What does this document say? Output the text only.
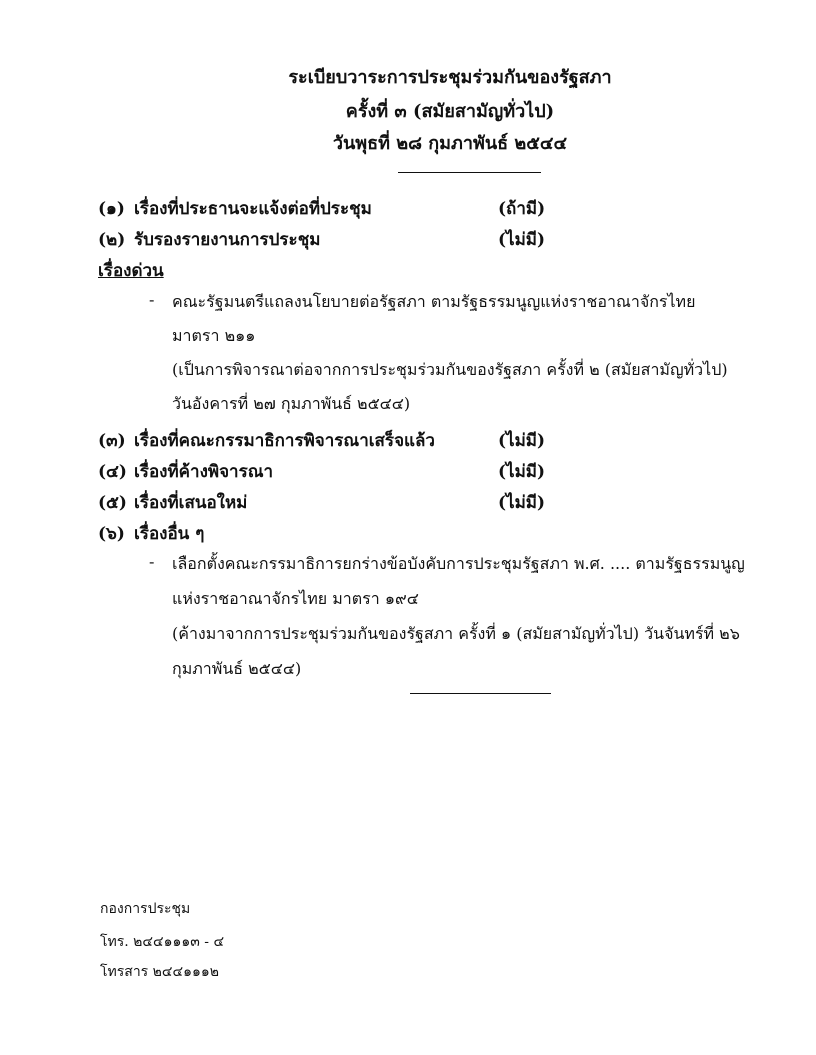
ระเบียบวาระการประชุมร่วมกันของรัฐสภา
ครั้งที่ ๓ (สมัยสามัญทั่วไป)
วันพุธที่ ๒๘ กุมภาพันธ์ ๒๕๔๔
(๑) เรื่องที่ประธานจะแจ้งต่อที่ประชุม	(ถ้ามี)
(๒) รับรองรายงานการประชุม	(ไม่มี)
เรื่องด่วน
- คณะรัฐมนตรีแถลงนโยบายต่อรัฐสภา ตามรัฐธรรมนูญแห่งราชอาณาจักรไทย
มาตรา ๒๑๑
(เป็นการพิจารณาต่อจากการประชุมร่วมกันของรัฐสภา ครั้งที่ ๒ (สมัยสามัญทั่วไป)
วันอังคารที่ ๒๗ กุมภาพันธ์ ๒๕๔๔)
(๓) เรื่องที่คณะกรรมาธิการพิจารณาเสร็จแล้ว	(ไม่มี)
(๔) เรื่องที่ค้างพิจารณา	(ไม่มี)
(๕) เรื่องที่เสนอใหม่	(ไม่มี)
(๖) เรื่องอื่น ๆ
- เลือกตั้งคณะกรรมาธิการยกร่างข้อบังคับการประชุมรัฐสภา พ.ศ. .... ตามรัฐธรรมนูญ
แห่งราชอาณาจักรไทย มาตรา ๑๙๔
(ค้างมาจากการประชุมร่วมกันของรัฐสภา ครั้งที่ ๑ (สมัยสามัญทั่วไป) วันจันทร์ที่ ๒๖
กุมภาพันธ์ ๒๕๔๔)
กองการประชุม
โทร. ๒๔๔๑๑๑๓ - ๔
โทรสาร ๒๔๔๑๑๑๒
